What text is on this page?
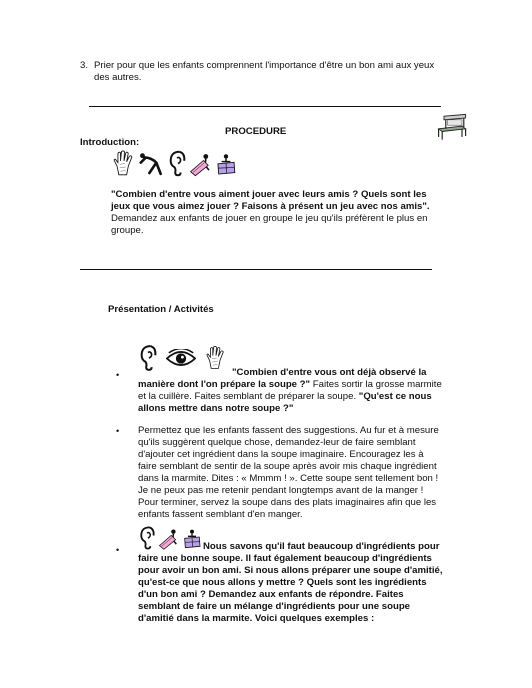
3. Prier pour que les enfants comprennent l'importance d'être un bon ami aux yeux
des autres.
PROCEDURE
Introduction:
"Combien d'entre vous aiment jouer avec leurs amis ? Quels sont les
jeux que vous aimez jouer ? Faisons à présent un jeu avec nos amis".
Demandez aux enfants de jouer en groupe le jeu qu'ils préfèrent le plus en
groupe.
Présentation / Activités
•	"Combien d'entre vous ont déjà observé la
manière dont l'on prépare la soupe ?" Faites sortir la grosse marmite
et la cuillère. Faites semblant de préparer la soupe. "Qu'est ce nous
allons mettre dans notre soupe ?"
• Permettez que les enfants fassent des suggestions. Au fur et à mesure
qu'ils suggèrent quelque chose, demandez-leur de faire semblant
d'ajouter cet ingrédient dans la soupe imaginaire. Encouragez les à
faire semblant de sentir de la soupe après avoir mis chaque ingrédient
dans la marmite. Dites : « Mmmm ! ». Cette soupe sent tellement bon !
Je ne peux pas me retenir pendant longtemps avant de la manger !
Pour terminer, servez la soupe dans des plats imaginaires afin que les
enfants fassent semblant d'en manger.
•	Nous savons qu'il faut beaucoup d'ingrédients pour
faire une bonne soupe. Il faut également beaucoup d'ingrédients
pour avoir un bon ami. Si nous allons préparer une soupe d'amitié,
qu'est-ce que nous allons y mettre ? Quels sont les ingrédients
d'un bon ami ? Demandez aux enfants de répondre. Faites
semblant de faire un mélange d'ingrédients pour une soupe
d'amitié dans la marmite. Voici quelques exemples :
